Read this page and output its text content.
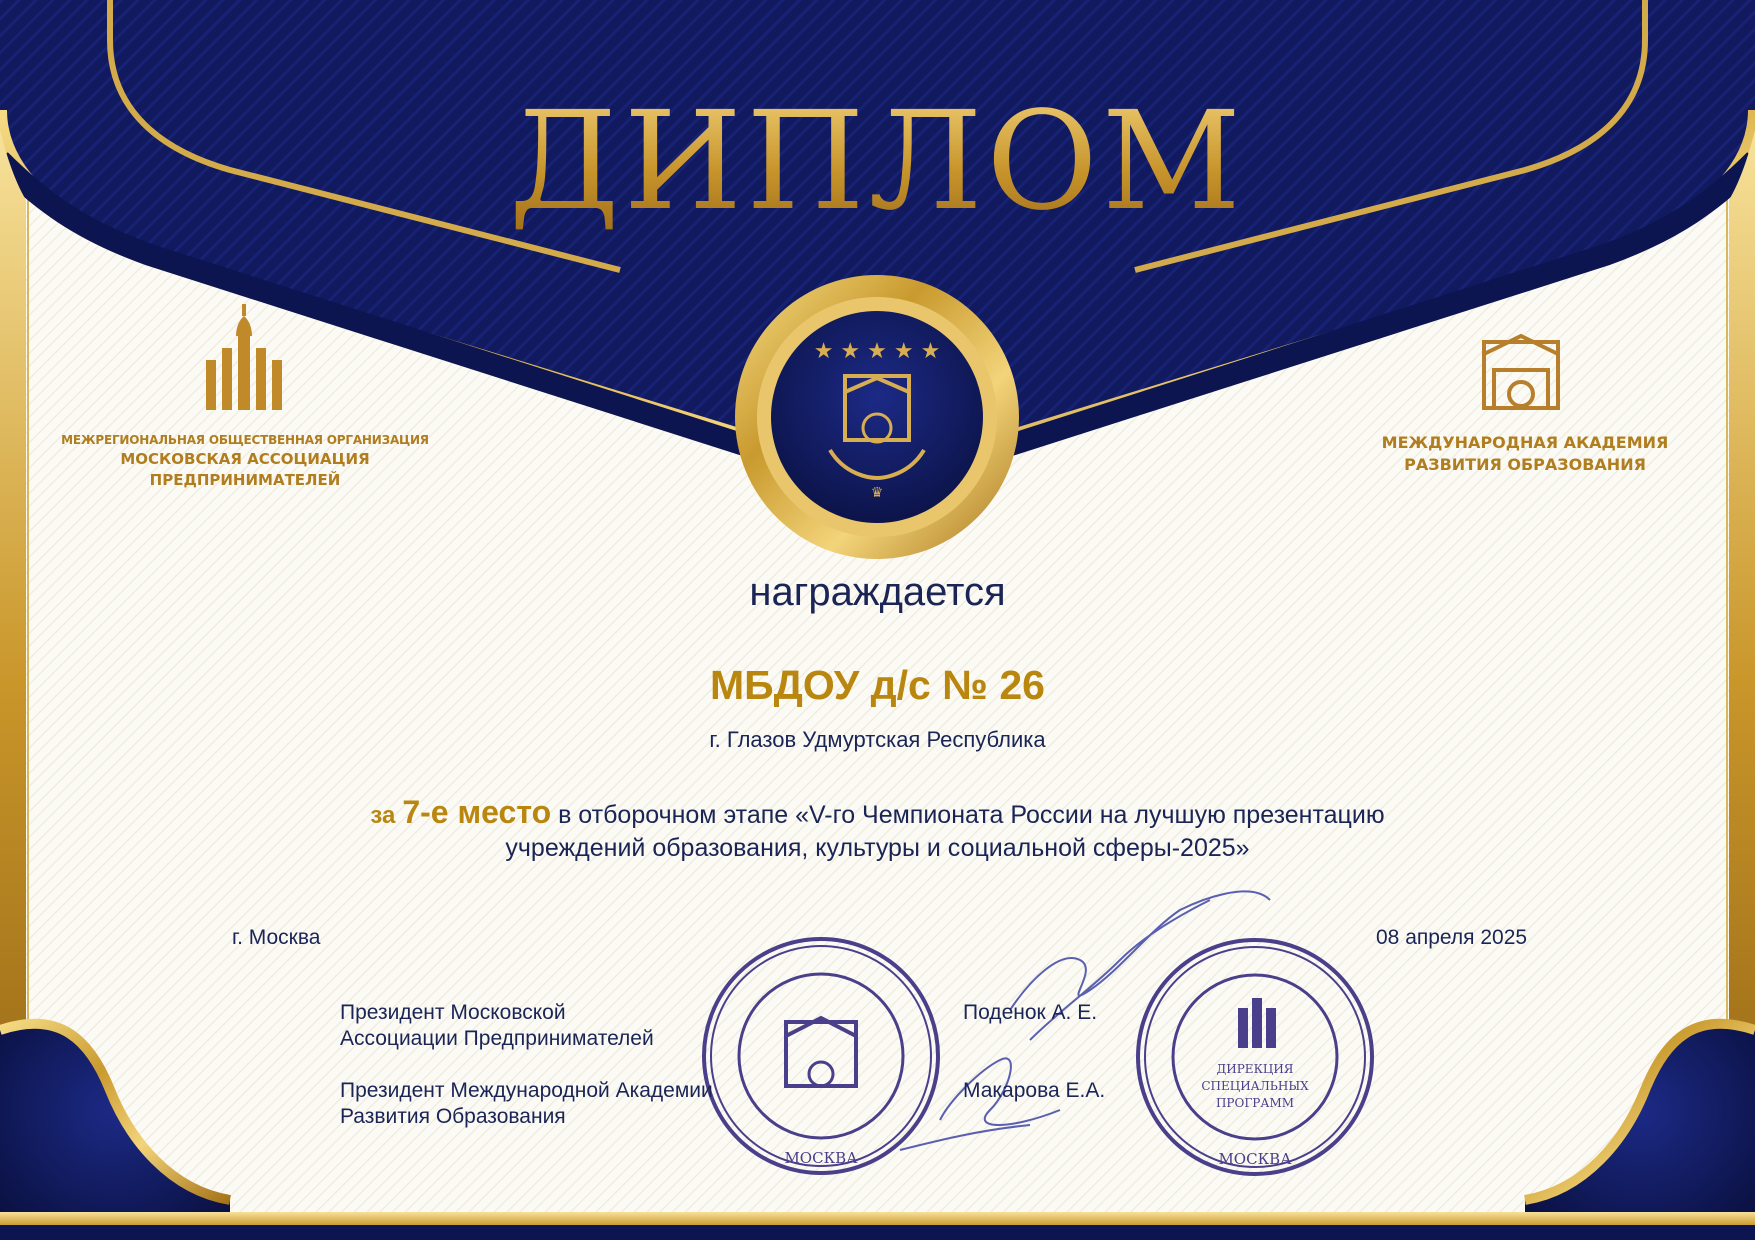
ДИПЛОМ
★ ★ ★ ★ ★
♛
МОСКВА
ДИРЕКЦИЯ
СПЕЦИАЛЬНЫХ
ПРОГРАММ
МОСКВА
МЕЖРЕГИОНАЛЬНАЯ ОБЩЕСТВЕННАЯ ОРГАНИЗАЦИЯ
МОСКОВСКАЯ АССОЦИАЦИЯ
ПРЕДПРИНИМАТЕЛЕЙ
МЕЖДУНАРОДНАЯ АКАДЕМИЯ
РАЗВИТИЯ ОБРАЗОВАНИЯ

награждается

МБДОУ д/с № 26

г. Глазов Удмуртская Республика

за 7-е место в отборочном этапе «V-го Чемпионата России на лучшую презентацию
учреждений образования, культуры и социальной сферы-2025»

г. Москва	08 апреля 2025

Президент Московской
Ассоциации Предпринимателей
Поденок А. Е.
Президент Международной Академии
Развития Образования
Макарова Е.А.
